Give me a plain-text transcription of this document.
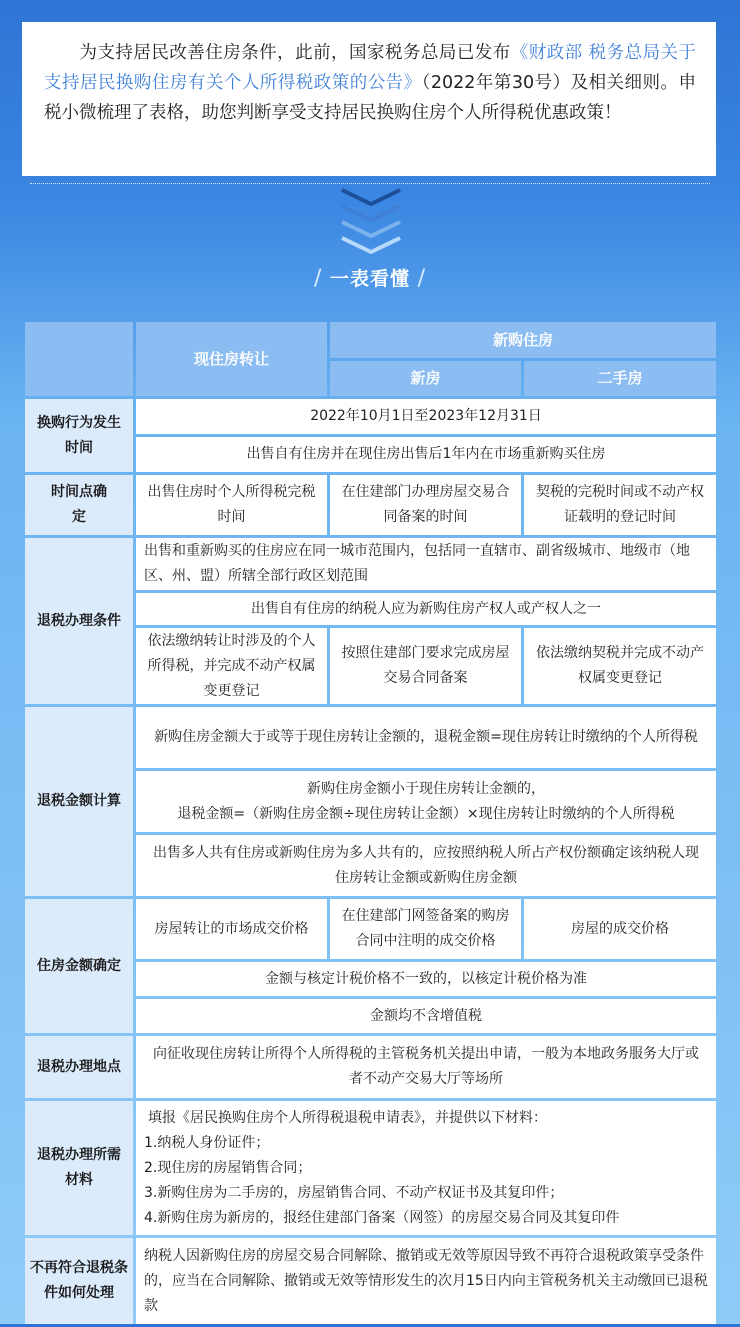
为支持居民改善住房条件，此前，国家税务总局已发布《财政部 税务总局关于支持居民换购住房有关个人所得税政策的公告》（2022年第30号）及相关细则。申税小微梳理了表格，助您判断享受支持居民换购住房个人所得税优惠政策！
/ 一表看懂 /
	现住房转让	新购住房	
		新房	二手房
换购行为发生时间	2022年10月1日至2023年12月31日		
	出售自有住房并在现住房出售后1年内在市场重新购买住房		
时间点确定	出售住房时个人所得税完税时间	在住建部门办理房屋交易合同备案的时间	契税的完税时间或不动产权证载明的登记时间
退税办理条件	出售和重新购买的住房应在同一城市范围内，包括同一直辖市、副省级城市、地级市（地区、州、盟）所辖全部行政区划范围		
	出售自有住房的纳税人应为新购住房产权人或产权人之一		
	依法缴纳转让时涉及的个人所得税，并完成不动产权属变更登记	按照住建部门要求完成房屋交易合同备案	依法缴纳契税并完成不动产权属变更登记
退税金额计算	新购住房金额大于或等于现住房转让金额的，退税金额=现住房转让时缴纳的个人所得税		

	新购住房金额小于现住房转让金额的，
退税金额=（新购住房金额÷现住房转让金额）×现住房转让时缴纳的个人所得税		

	出售多人共有住房或新购住房为多人共有的，应按照纳税人所占产权份额确定该纳税人现住房转让金额或新购住房金额		
住房金额确定	房屋转让的市场成交价格	在住建部门网签备案的购房合同中注明的成交价格	房屋的成交价格
	金额与核定计税价格不一致的，以核定计税价格为准		
	金额均不含增值税		
退税办理地点	向征收现住房转让所得个人所得税的主管税务机关提出申请，一般为本地政务服务大厅或者不动产交易大厅等场所		
退税办理所需材料	填报《居民换购住房个人所得税退税申请表》，并提供以下材料：
1.纳税人身份证件；
2.现住房的房屋销售合同；
3.新购住房为二手房的，房屋销售合同、不动产权证书及其复印件；
4.新购住房为新房的，报经住建部门备案（网签）的房屋交易合同及其复印件		

不再符合退税条件如何处理	纳税人因新购住房的房屋交易合同解除、撤销或无效等原因导致不再符合退税政策享受条件的，应当在合同解除、撤销或无效等情形发生的次月15日内向主管税务机关主动缴回已退税款		
